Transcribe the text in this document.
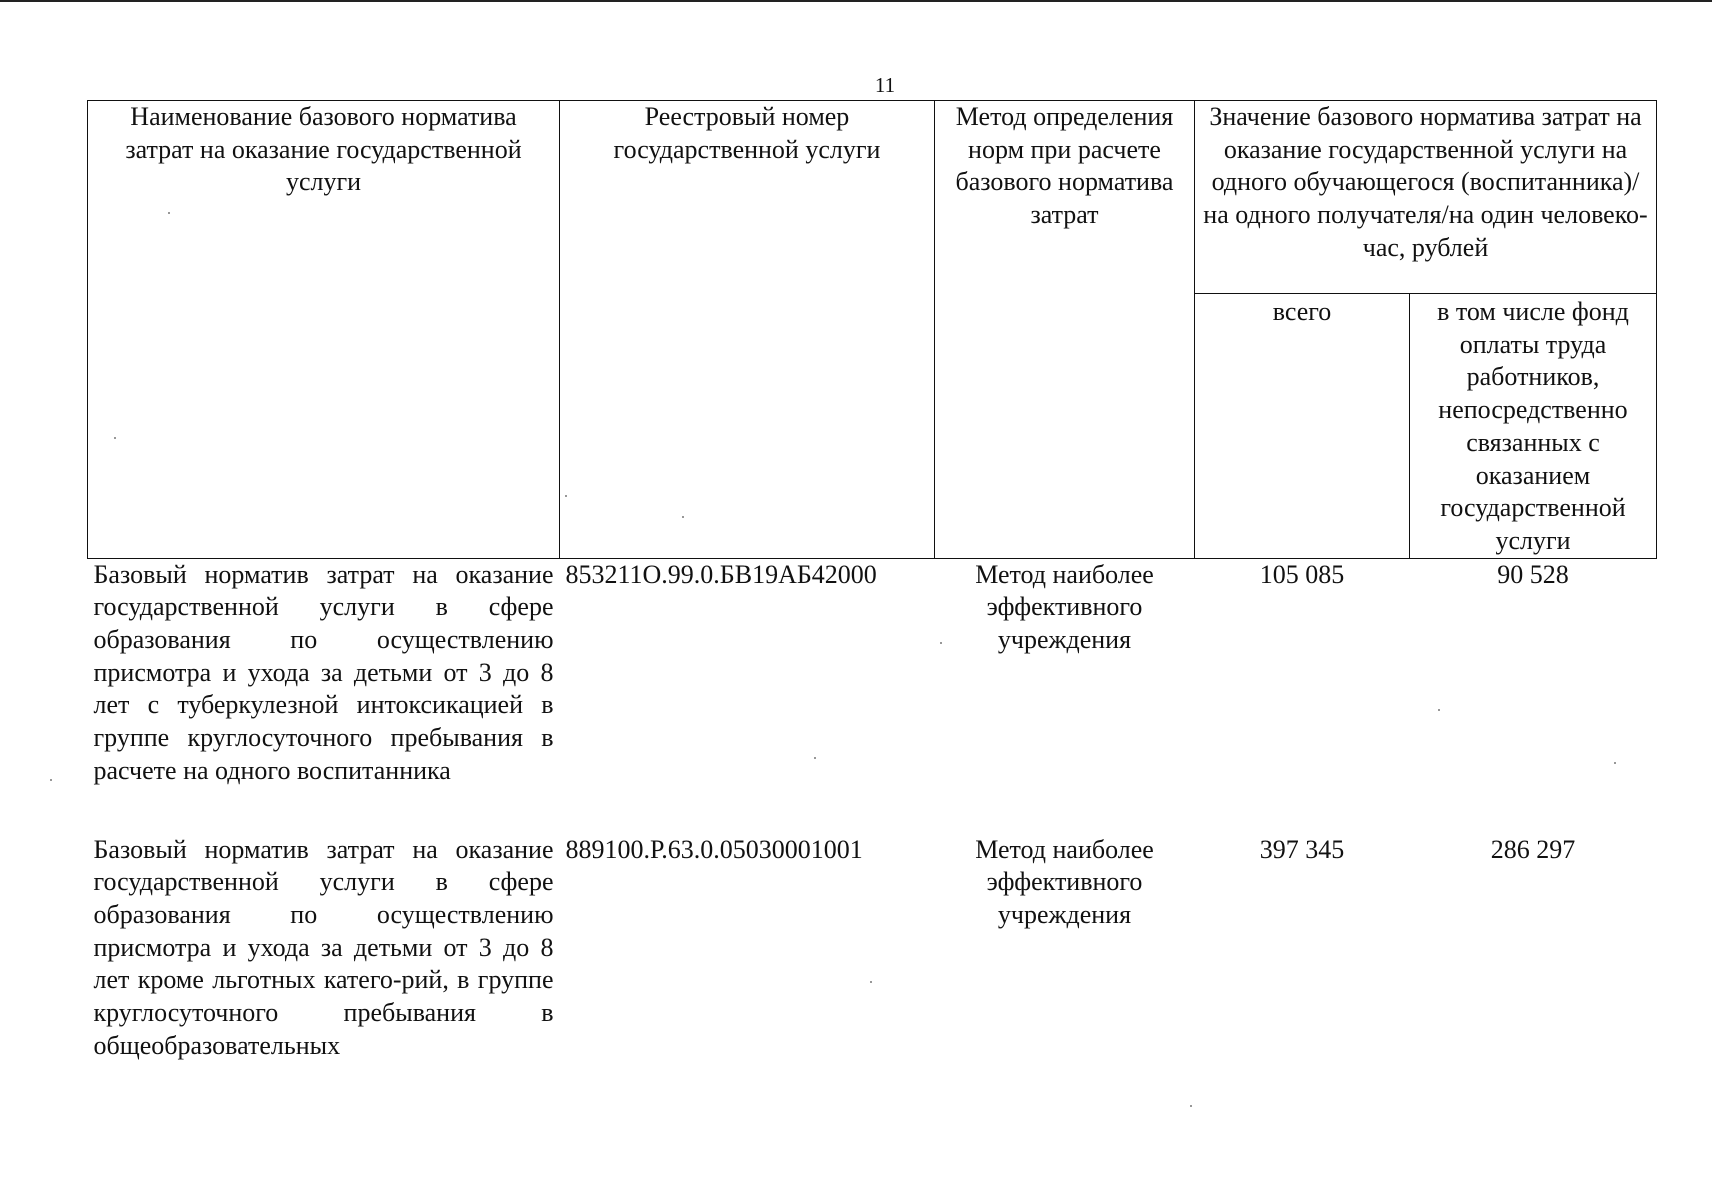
11
Наименование базового норматива затрат на оказание государственной услуги	Реестровый номер государственной услуги	Метод определения норм при расчете базового норматива затрат	Значение базового норматива затрат на оказание государственной услуги на одного обучающегося (воспитанника)/на одного получателя/на один человеко-час, рублей	
			всего	в том числе фонд оплаты труда работников, непосредственно связанных с оказанием государственной услуги
Базовый норматив затрат на оказание государственной услуги в сфере образования по осуществлению присмотра и ухода за детьми от 3 до 8 лет с туберкулезной интоксикацией в группе круглосуточного пребывания в расчете на одного воспитанника	853211О.99.0.БВ19АБ42000	Метод наиболее эффективного учреждения	105 085	90 528
Базовый норматив затрат на оказание государственной услуги в сфере образования по осуществлению присмотра и ухода за детьми от 3 до 8 лет кроме льготных катего-рий, в группе круглосуточного пребывания в общеобразовательных	889100.Р.63.0.05030001001	Метод наиболее эффективного учреждения	397 345	286 297
